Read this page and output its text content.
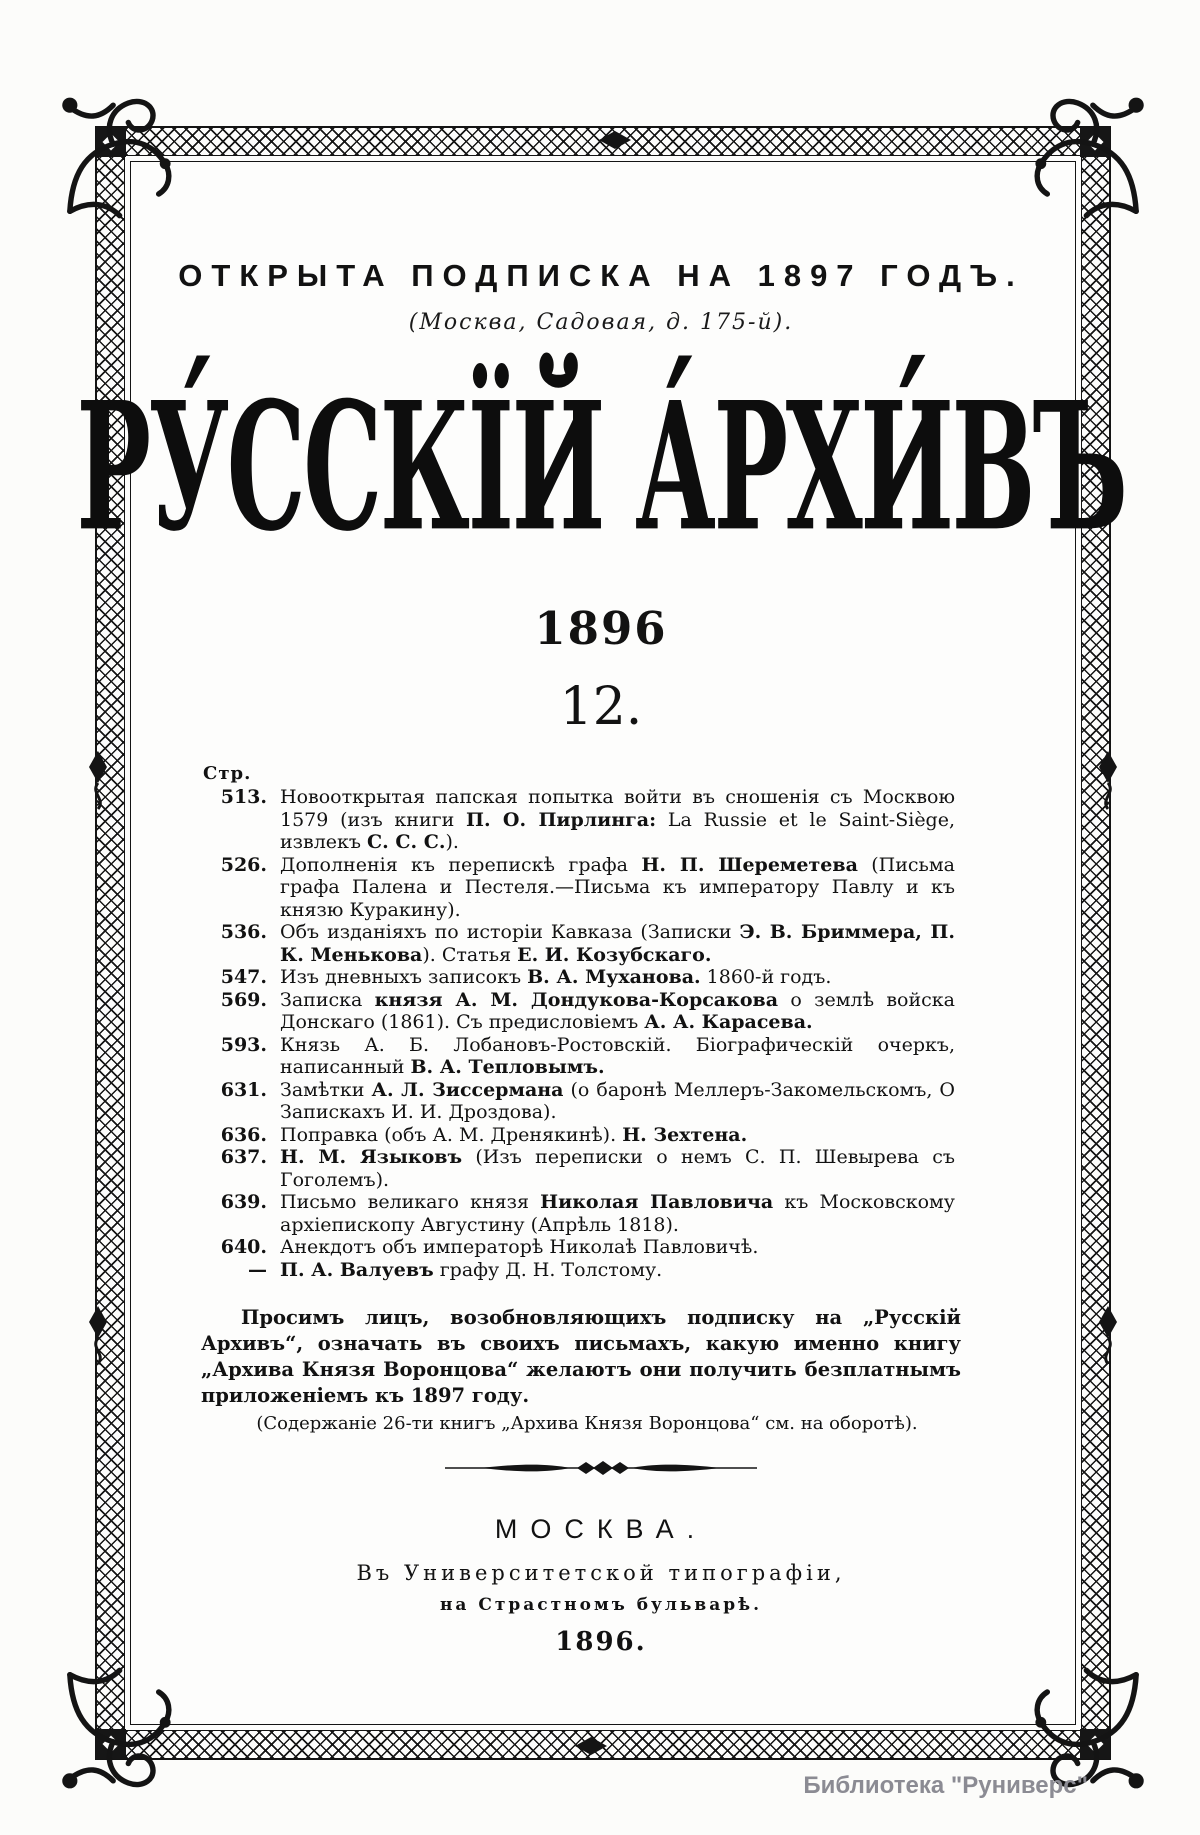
ОТКРЫТА ПОДПИСКА НА 1897 ГОДЪ.
(Москва, Садовая, д. 175-й).
РУ́ССКЇЙ А́РХИ́ВЪ
1896
12.
Стр.
513. Новооткрытая папская попытка войти въ сношенія съ Москвою 1579 (изъ книги П. О. Пирлинга: La Russie et le Saint-Siège, извлекъ С. С. С.).
526. Дополненія къ перепискѣ графа Н. П. Шереметева (Письма графа Палена и Пестеля.—Письма къ императору Павлу и къ князю Куракину).
536. Объ изданіяхъ по исторіи Кавказа (Записки Э. В. Бриммера, П. К. Менькова). Статья Е. И. Козубскаго.
547. Изъ дневныхъ записокъ В. А. Муханова. 1860-й годъ.
569. Записка князя А. М. Дондукова-Корсакова о землѣ войска Донскаго (1861). Съ предисловіемъ А. А. Карасева.
593. Князь А. Б. Лобановъ-Ростовскій. Біографическій очеркъ, написанный В. А. Тепловымъ.
631. Замѣтки А. Л. Зиссермана (о баронѣ Меллеръ-Закомельскомъ, О Запискахъ И. И. Дроздова).
636. Поправка (объ А. М. Дренякинѣ). Н. Зехтена.
637. Н. М. Языковъ (Изъ переписки о немъ С. П. Шевырева съ Гоголемъ).
639. Письмо великаго князя Николая Павловича къ Московскому архіепископу Августину (Апрѣль 1818).
640. Анекдотъ объ императорѣ Николаѣ Павловичѣ.
— П. А. Валуевъ графу Д. Н. Толстому.
Просимъ лицъ, возобновляющихъ подписку на „Русскій Архивъ“, означать въ своихъ письмахъ, какую именно книгу „Архива Князя Воронцова“ желаютъ они получить безплатнымъ приложеніемъ къ 1897 году.
(Содержаніе 26-ти книгъ „Архива Князя Воронцова“ см. на оборотѣ).
МОСКВА.
Въ Университетской типографіи,
на Страстномъ бульварѣ.
1896.
Библиотека "Руниверс"
